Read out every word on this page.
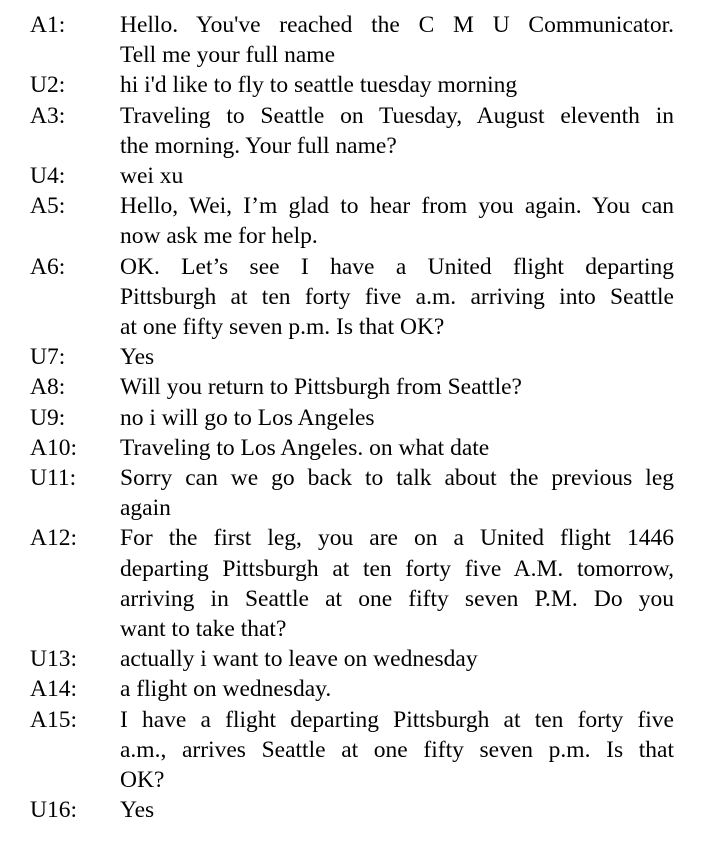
A1:	Hello. You've reached the C M U Communicator.
Tell me your full name
U2:	hi i'd like to fly to seattle tuesday morning
A3:	Traveling to Seattle on Tuesday, August eleventh in
the morning. Your full name?
U4:	wei xu
A5:	Hello, Wei, I’m glad to hear from you again. You can
now ask me for help.
A6:	OK. Let’s see I have a United flight departing
Pittsburgh at ten forty five a.m. arriving into Seattle
at one fifty seven p.m. Is that OK?
U7:	Yes
A8:	Will you return to Pittsburgh from Seattle?
U9:	no i will go to Los Angeles
A10:	Traveling to Los Angeles. on what date
U11:	Sorry can we go back to talk about the previous leg
again
A12:	For the first leg, you are on a United flight 1446
departing Pittsburgh at ten forty five A.M. tomorrow,
arriving in Seattle at one fifty seven P.M. Do you
want to take that?
U13:	actually i want to leave on wednesday
A14:	a flight on wednesday.
A15:	I have a flight departing Pittsburgh at ten forty five
a.m., arrives Seattle at one fifty seven p.m. Is that
OK?
U16:	Yes
